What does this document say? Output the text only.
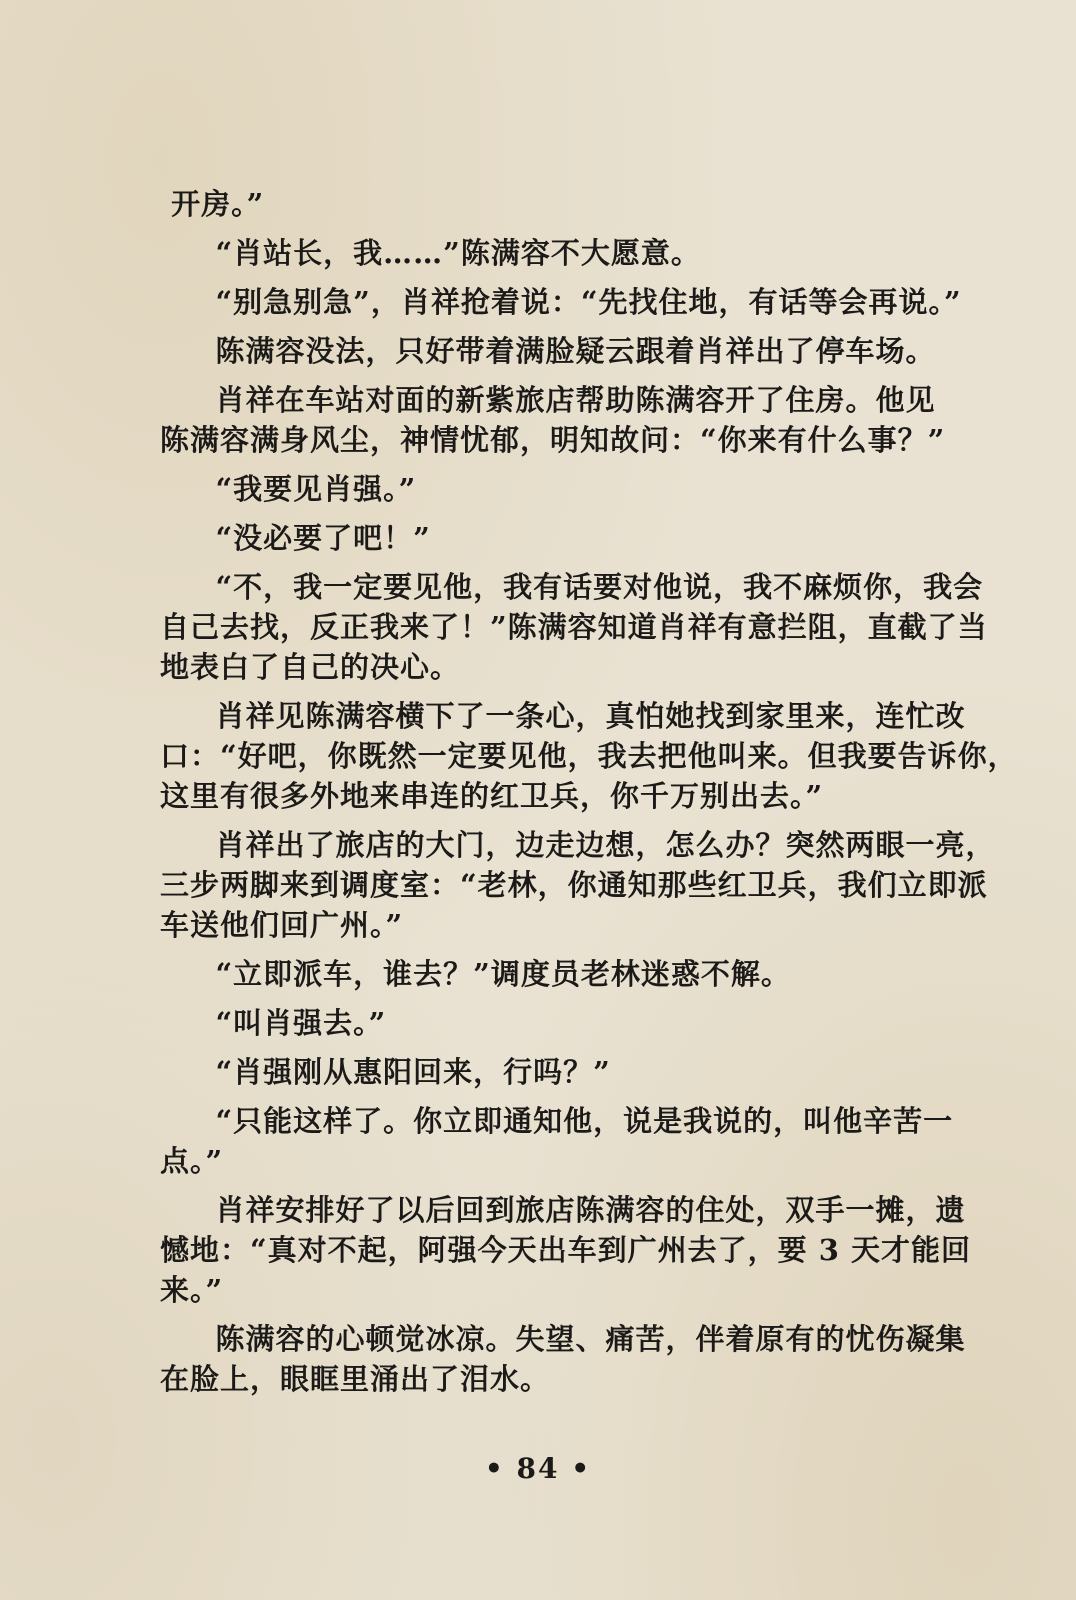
开房。”

“肖站长，我……”陈满容不大愿意。

“别急别急”，肖祥抢着说：“先找住地，有话等会再说。”

陈满容没法，只好带着满脸疑云跟着肖祥出了停车场。

肖祥在车站对面的新紫旅店帮助陈满容开了住房。他见

陈满容满身风尘，神情忧郁，明知故问：“你来有什么事？”

“我要见肖强。”

“没必要了吧！”

“不，我一定要见他，我有话要对他说，我不麻烦你，我会

自己去找，反正我来了！”陈满容知道肖祥有意拦阻，直截了当

地表白了自己的决心。

肖祥见陈满容横下了一条心，真怕她找到家里来，连忙改

口：“好吧，你既然一定要见他，我去把他叫来。但我要告诉你，

这里有很多外地来串连的红卫兵，你千万别出去。”

肖祥出了旅店的大门，边走边想，怎么办？突然两眼一亮，

三步两脚来到调度室：“老林，你通知那些红卫兵，我们立即派

车送他们回广州。”

“立即派车，谁去？”调度员老林迷惑不解。

“叫肖强去。”

“肖强刚从惠阳回来，行吗？”

“只能这样了。你立即通知他，说是我说的，叫他辛苦一

点。”

肖祥安排好了以后回到旅店陈满容的住处，双手一摊，遗

憾地：“真对不起，阿强今天出车到广州去了，要 3 天才能回

来。”

陈满容的心顿觉冰凉。失望、痛苦，伴着原有的忧伤凝集

在脸上，眼眶里涌出了泪水。

• 84 •
